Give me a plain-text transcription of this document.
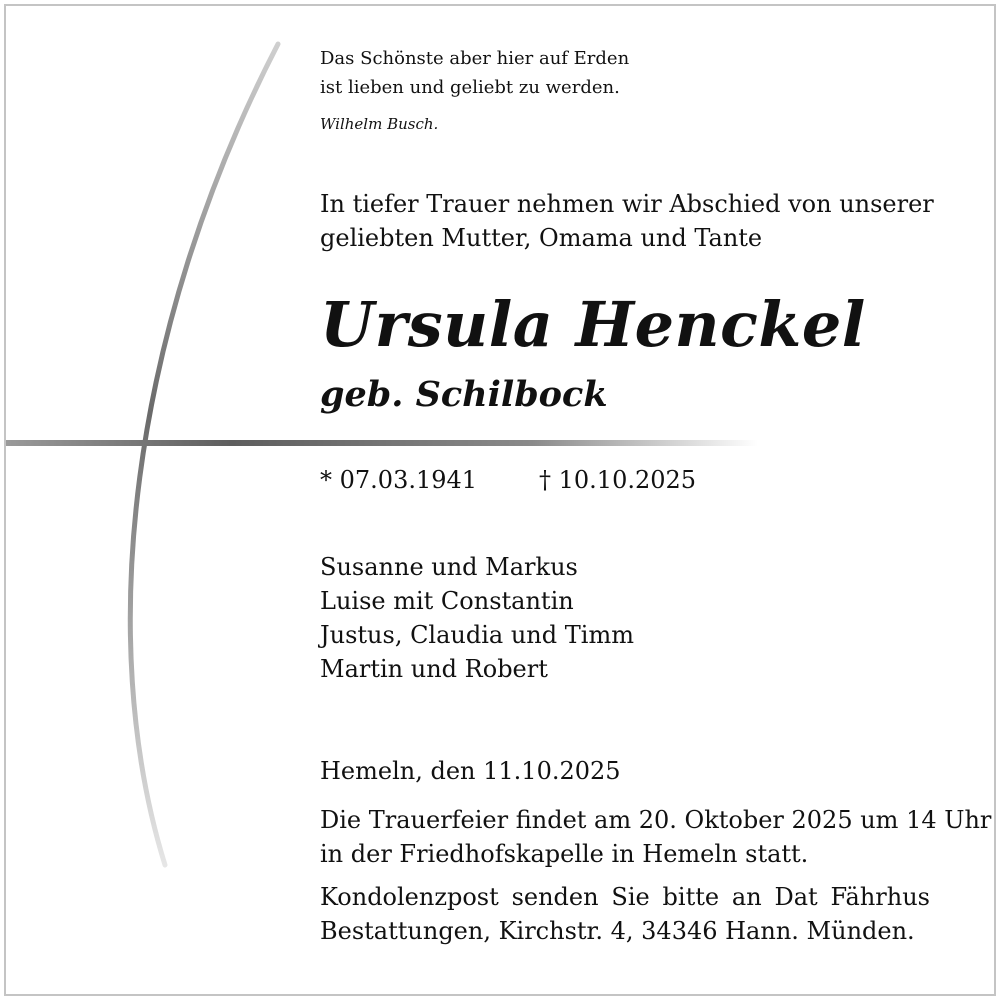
Das Schönste aber hier auf Erden
ist lieben und geliebt zu werden.
Wilhelm Busch.
In tiefer Trauer nehmen wir Abschied von unserer
geliebten Mutter, Omama und Tante
Ursula Henckel
geb. Schilbock
* 07.03.1941	† 10.10.2025
Susanne und Markus
Luise mit Constantin
Justus, Claudia und Timm
Martin und Robert
Hemeln, den 11.10.2025
Die Trauerfeier findet am 20. Oktober 2025 um 14 Uhr
in der Friedhofskapelle in Hemeln statt.
Kondolenzpost senden Sie bitte an Dat Fährhus
Bestattungen, Kirchstr. 4, 34346 Hann. Münden.
